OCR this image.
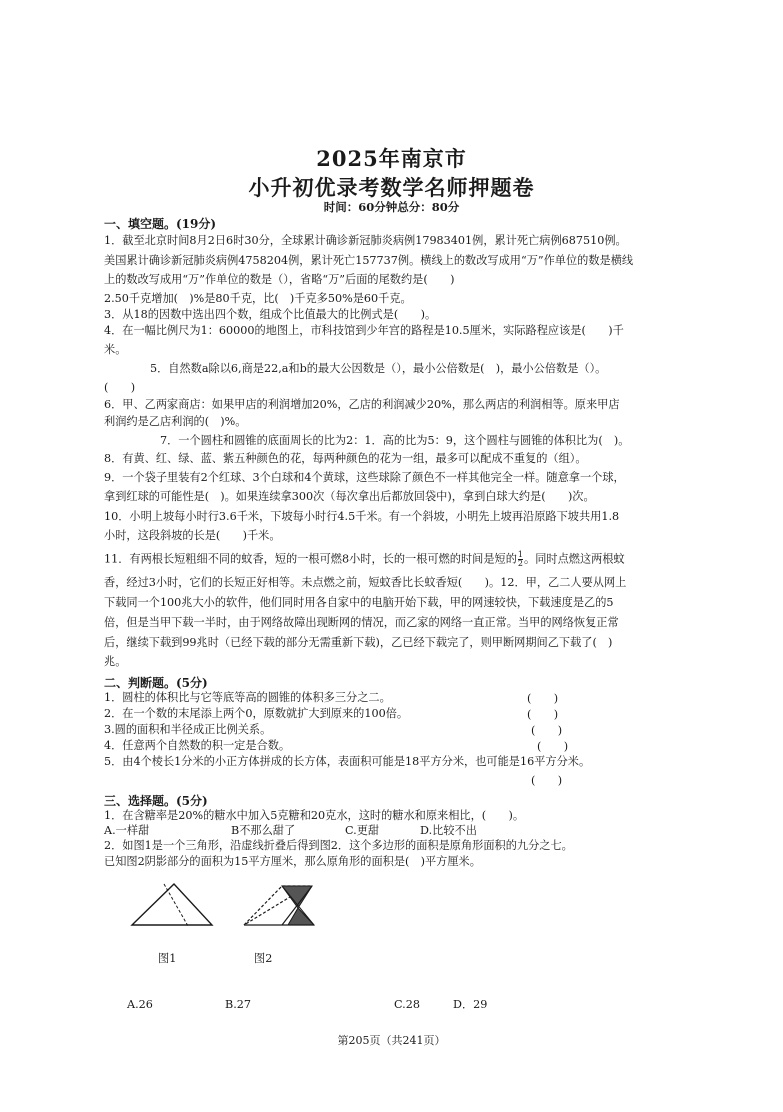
2025年南京市
小升初优录考数学名师押题卷
时间：60分钟总分：80分
一、填空题。(19分)
1．截至北京时间8月2日6时30分，全球累计确诊新冠肺炎病例17983401例，累计死亡病例687510例。
美国累计确诊新冠肺炎病例4758204例，累计死亡157737例。横线上的数改写成用“万”作单位的数是横线
上的数改写成用“万”作单位的数是（），省略“万”后面的尾数约是(　　)
2.50千克增加(　)%是80千克，比(　)千克多50%是60千克。
3．从18的因数中选出四个数，组成个比值最大的比例式是(　　)。
4．在一幅比例尺为1：60000的地图上，市科技馆到少年宫的路程是10.5厘米，实际路程应该是(　　)千
米。
5．自然数a除以6,商是22,a和b的最大公因数是（），最小公倍数是(　)，最小公倍数是（）。
(　　)
6．甲、乙两家商店：如果甲店的利润增加20%，乙店的利润减少20%，那么两店的利润相等。原来甲店
利润约是乙店利润的(　)%。
7．一个圆柱和圆锥的底面周长的比为2：1．高的比为5：9，这个圆柱与圆锥的体积比为(　)。
8．有黄、红、绿、蓝、紫五种颜色的花，每两种颜色的花为一组，最多可以配成不重复的（组）。
9．一个袋子里装有2个红球、3个白球和4个黄球，这些球除了颜色不一样其他完全一样。随意拿一个球，
拿到红球的可能性是(　)。如果连续拿300次（每次拿出后都放回袋中)，拿到白球大约是(　　)次。
10．小明上坡每小时行3.6千米，下坡每小时行4.5千米。有一个斜坡，小明先上坡再沿原路下坡共用1.8
小时，这段斜坡的长是(　　)千米。
11．有两根长短粗细不同的蚊香，短的一根可燃8小时，长的一根可燃的时间是短的 $\frac{1}{2}$ 。同时点燃这两根蚊
香，经过3小时，它们的长短正好相等。未点燃之前，短蚊香比长蚊香短(　　)。12．甲，乙二人要从网上
下载同一个100兆大小的软件，他们同时用各自家中的电脑开始下载，甲的网速较快，下载速度是乙的5
倍，但是当甲下载一半时，由于网络故障出现断网的情况，而乙家的网络一直正常。当甲的网络恢复正常
后，继续下载到99兆时（已经下载的部分无需重新下载)，乙已经下载完了，则甲断网期间乙下载了(　)
兆。
二、判断题。(5分)
1．圆柱的体积比与它等底等高的圆锥的体积多三分之二。	(　　)
2．在一个数的末尾添上两个0，原数就扩大到原来的100倍。	(　　)
3.圆的面积和半径成正比例关系。	(　　)
4．任意两个自然数的积一定是合数。	(　　)
5．由4个棱长1分米的小正方体拼成的长方体，表面积可能是18平方分米，也可能是16平方分米。
(　　)
三、选择题。(5分)
1．在含糖率是20%的糖水中加入5克糖和20克水，这时的糖水和原来相比，(　　)。
A.一样甜	B不那么甜了	C.更甜	D.比较不出
2．如图1是一个三角形，沿虚线折叠后得到图2．这个多边形的面积是原角形面积的九分之七。
已知图2阴影部分的面积为15平方厘米，那么原角形的面积是(　)平方厘米。
图1	图2
A.26	B.27	C.28	D．29
第205页（共241页）
